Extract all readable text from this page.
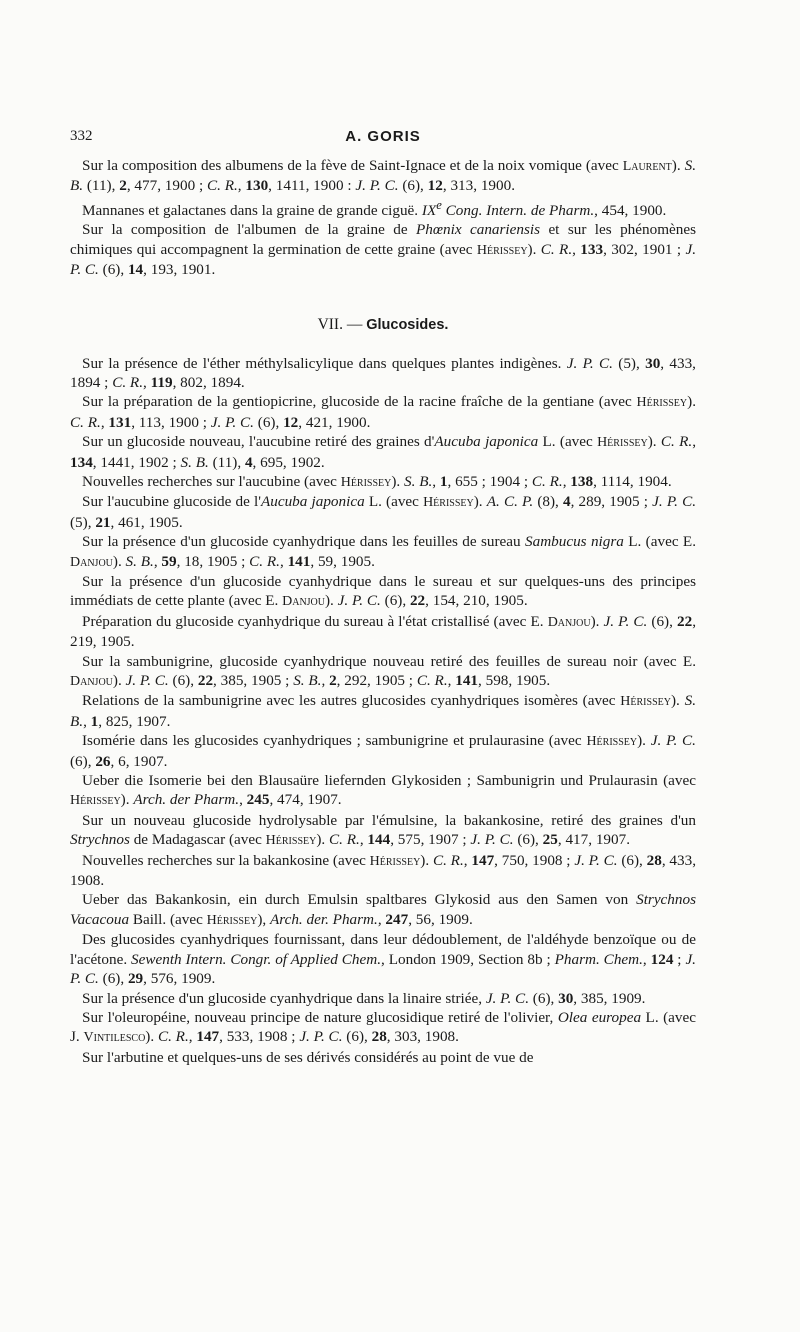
332	A. GORIS

Sur la composition des albumens de la fève de Saint-Ignace et de la noix vomique (avec Laurent). S. B. (11), 2, 477, 1900 ; C. R., 130, 1411, 1900 : J. P. C. (6), 12, 313, 1900.

Mannanes et galactanes dans la graine de grande ciguë. IXe Cong. Intern. de Pharm., 454, 1900.

Sur la composition de l'albumen de la graine de Phœnix canariensis et sur les phénomènes chimiques qui accompagnent la germination de cette graine (avec Hérissey). C. R., 133, 302, 1901 ; J. P. C. (6), 14, 193, 1901.

VII. — Glucosides.

Sur la présence de l'éther méthylsalicylique dans quelques plantes indigènes. J. P. C. (5), 30, 433, 1894 ; C. R., 119, 802, 1894.

Sur la préparation de la gentiopicrine, glucoside de la racine fraîche de la gentiane (avec Hérissey). C. R., 131, 113, 1900 ; J. P. C. (6), 12, 421, 1900.

Sur un glucoside nouveau, l'aucubine retiré des graines d'Aucuba japonica L. (avec Hérissey). C. R., 134, 1441, 1902 ; S. B. (11), 4, 695, 1902.

Nouvelles recherches sur l'aucubine (avec Hérissey). S. B., 1, 655 ; 1904 ; C. R., 138, 1114, 1904.

Sur l'aucubine glucoside de l'Aucuba japonica L. (avec Hérissey). A. C. P. (8), 4, 289, 1905 ; J. P. C. (5), 21, 461, 1905.

Sur la présence d'un glucoside cyanhydrique dans les feuilles de sureau Sambucus nigra L. (avec E. Danjou). S. B., 59, 18, 1905 ; C. R., 141, 59, 1905.

Sur la présence d'un glucoside cyanhydrique dans le sureau et sur quelques-uns des principes immédiats de cette plante (avec E. Danjou). J. P. C. (6), 22, 154, 210, 1905.

Préparation du glucoside cyanhydrique du sureau à l'état cristallisé (avec E. Danjou). J. P. C. (6), 22, 219, 1905.

Sur la sambunigrine, glucoside cyanhydrique nouveau retiré des feuilles de sureau noir (avec E. Danjou). J. P. C. (6), 22, 385, 1905 ; S. B., 2, 292, 1905 ; C. R., 141, 598, 1905.

Relations de la sambunigrine avec les autres glucosides cyanhydriques isomères (avec Hérissey). S. B., 1, 825, 1907.

Isomérie dans les glucosides cyanhydriques ; sambunigrine et prulaurasine (avec Hérissey). J. P. C. (6), 26, 6, 1907.

Ueber die Isomerie bei den Blausaüre liefernden Glykosiden ; Sambunigrin und Prulaurasin (avec Hérissey). Arch. der Pharm., 245, 474, 1907.

Sur un nouveau glucoside hydrolysable par l'émulsine, la bakankosine, retiré des graines d'un Strychnos de Madagascar (avec Hérissey). C. R., 144, 575, 1907 ; J. P. C. (6), 25, 417, 1907.

Nouvelles recherches sur la bakankosine (avec Hérissey). C. R., 147, 750, 1908 ; J. P. C. (6), 28, 433, 1908.

Ueber das Bakankosin, ein durch Emulsin spaltbares Glykosid aus den Samen von Strychnos Vacacoua Baill. (avec Hérissey), Arch. der. Pharm., 247, 56, 1909.

Des glucosides cyanhydriques fournissant, dans leur dédoublement, de l'aldéhyde benzoïque ou de l'acétone. Sewenth Intern. Congr. of Applied Chem., London 1909, Section 8b ; Pharm. Chem., 124 ; J. P. C. (6), 29, 576, 1909.

Sur la présence d'un glucoside cyanhydrique dans la linaire striée, J. P. C. (6), 30, 385, 1909.

Sur l'oleuropéine, nouveau principe de nature glucosidique retiré de l'olivier, Olea europea L. (avec J. Vintilesco). C. R., 147, 533, 1908 ; J. P. C. (6), 28, 303, 1908.

Sur l'arbutine et quelques-uns de ses dérivés considérés au point de vue de
